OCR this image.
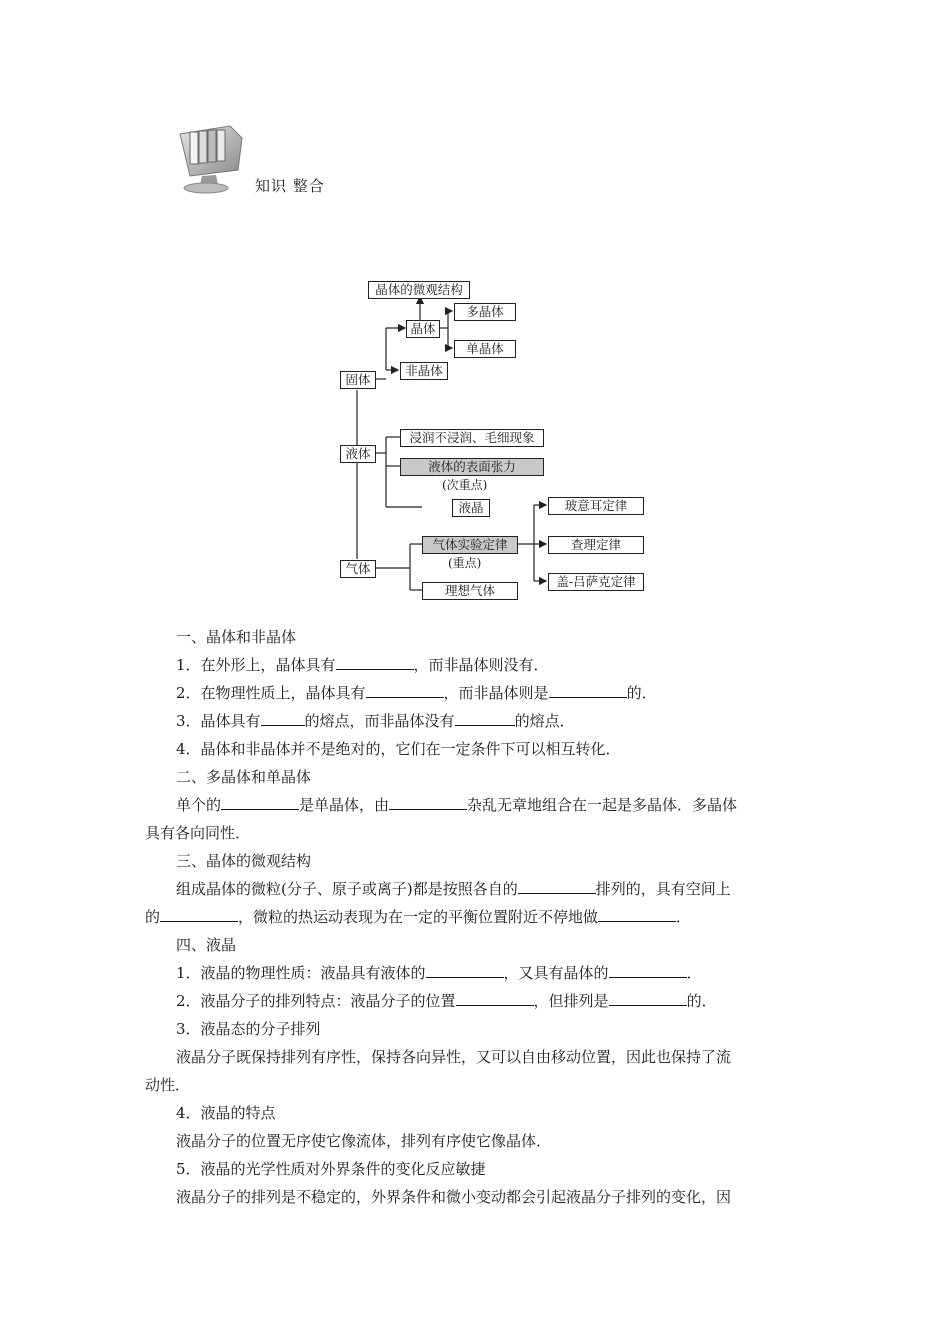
知识 整合
晶体的微观结构
晶体
多晶体
单晶体
固体
非晶体
液体
浸润不浸润、毛细现象
液体的表面张力
(次重点)
液晶
气体
气体实验定律
(重点)
理想气体
玻意耳定律
查理定律
盖-吕萨克定律
一、晶体和非晶体
1．在外形上，晶体具有	，而非晶体则没有．
2．在物理性质上，晶体具有	，而非晶体则是	的．
3．晶体具有	的熔点，而非晶体没有	的熔点．
4．晶体和非晶体并不是绝对的，它们在一定条件下可以相互转化．
二、多晶体和单晶体
单个的	是单晶体，由	杂乱无章地组合在一起是多晶体．多晶体
具有各向同性．
三、晶体的微观结构
组成晶体的微粒(分子、原子或离子)都是按照各自的	排列的，具有空间上
的	，微粒的热运动表现为在一定的平衡位置附近不停地做	．
四、液晶
1．液晶的物理性质：液晶具有液体的	，又具有晶体的	．
2．液晶分子的排列特点：液晶分子的位置	，但排列是	的．
3．液晶态的分子排列
液晶分子既保持排列有序性，保持各向异性，又可以自由移动位置，因此也保持了流
动性．
4．液晶的特点
液晶分子的位置无序使它像流体，排列有序使它像晶体．
5．液晶的光学性质对外界条件的变化反应敏捷
液晶分子的排列是不稳定的，外界条件和微小变动都会引起液晶分子排列的变化，因
